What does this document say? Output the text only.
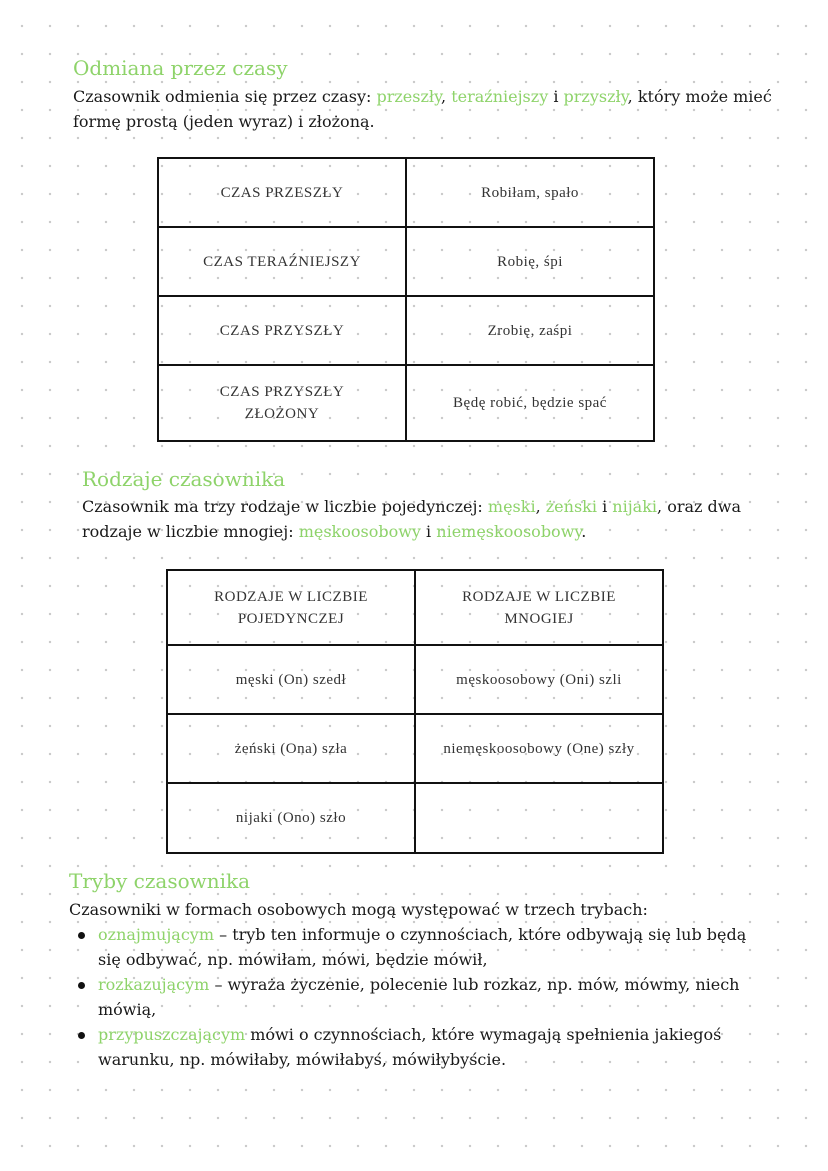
Odmiana przez czasy

Czasownik odmienia się przez czasy: przeszły, teraźniejszy i przyszły, który może mieć formę prostą (jeden wyraz) i złożoną.

CZAS PRZESZŁY	Robiłam, spało
CZAS TERAŹNIEJSZY	Robię, śpi
CZAS PRZYSZŁY	Zrobię, zaśpi
CZAS PRZYSZŁY ZŁOŻONY	Będę robić, będzie spać
Rodzaje czasownika

Czasownik ma trzy rodzaje w liczbie pojedynczej: męski, żeński i nijaki, oraz dwa rodzaje w liczbie mnogiej: męskoosobowy i niemęskoosobowy.

RODZAJE W LICZBIE POJEDYNCZEJ	RODZAJE W LICZBIE MNOGIEJ
męski (On) szedł	męskoosobowy (Oni) szli
żeński (Ona) szła	niemęskoosobowy (One) szły
nijaki (Ono) szło	
Tryby czasownika

Czasowniki w formach osobowych mogą występować w trzech trybach:

oznajmującym – tryb ten informuje o czynnościach, które odbywają się lub będą się odbywać, np. mówiłam, mówi, będzie mówił,
rozkazującym – wyraża życzenie, polecenie lub rozkaz, np. mów, mówmy, niech mówią,
przypuszczającym mówi o czynnościach, które wymagają spełnienia jakiegoś warunku, np. mówiłaby, mówiłabyś, mówiłybyście.
